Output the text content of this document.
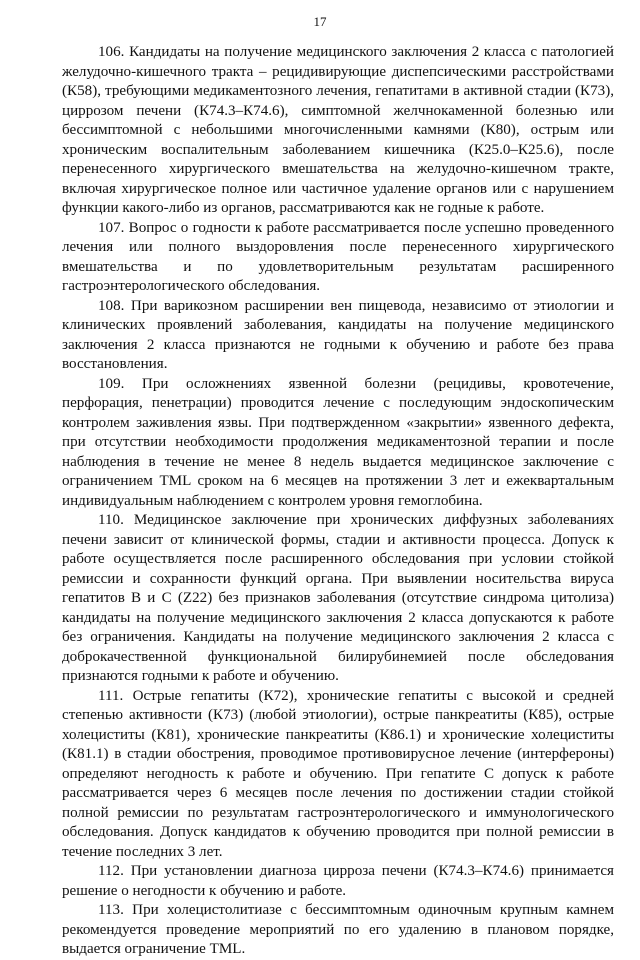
17

106. Кандидаты на получение медицинского заключения 2 класса с патологией желудочно-кишечного тракта – рецидивирующие диспепсическими расстройствами (К58), требующими медикаментозного лечения, гепатитами в активной стадии (К73), циррозом печени (К74.3–К74.6), симптомной желчнокаменной болезнью или бессимптомной с небольшими многочисленными камнями (К80), острым или хроническим воспалительным заболеванием кишечника (К25.0–К25.6), после перенесенного хирургического вмешательства на желудочно-кишечном тракте, включая хирургическое полное или частичное удаление органов или с нарушением функции какого-либо из органов, рассматриваются как не годные к работе.

107. Вопрос о годности к работе рассматривается после успешно проведенного лечения или полного выздоровления после перенесенного хирургического вмешательства и по удовлетворительным результатам расширенного гастроэнтерологического обследования.

108. При варикозном расширении вен пищевода, независимо от этиологии и клинических проявлений заболевания, кандидаты на получение медицинского заключения 2 класса признаются не годными к обучению и работе без права восстановления.

109. При осложнениях язвенной болезни (рецидивы, кровотечение, перфорация, пенетрации) проводится лечение с последующим эндоскопическим контролем заживления язвы. При подтвержденном «закрытии» язвенного дефекта, при отсутствии необходимости продолжения медикаментозной терапии и после наблюдения в течение не менее 8 недель выдается медицинское заключение с ограничением TML сроком на 6 месяцев на протяжении 3 лет и ежеквартальным индивидуальным наблюдением с контролем уровня гемоглобина.

110. Медицинское заключение при хронических диффузных заболеваниях печени зависит от клинической формы, стадии и активности процесса. Допуск к работе осуществляется после расширенного обследования при условии стойкой ремиссии и сохранности функций органа. При выявлении носительства вируса гепатитов В и С (Z22) без признаков заболевания (отсутствие синдрома цитолиза) кандидаты на получение медицинского заключения 2 класса допускаются к работе без ограничения. Кандидаты на получение медицинского заключения 2 класса с доброкачественной функциональной билирубинемией после обследования признаются годными к работе и обучению.

111. Острые гепатиты (К72), хронические гепатиты с высокой и средней степенью активности (К73) (любой этиологии), острые панкреатиты (К85), острые холециститы (К81), хронические панкреатиты (К86.1) и хронические холециститы (К81.1) в стадии обострения, проводимое противовирусное лечение (интерфероны) определяют негодность к работе и обучению. При гепатите С допуск к работе рассматривается через 6 месяцев после лечения по достижении стадии стойкой полной ремиссии по результатам гастроэнтерологического и иммунологического обследования. Допуск кандидатов к обучению проводится при полной ремиссии в течение последних 3 лет.

112. При установлении диагноза цирроза печени (К74.3–К74.6) принимается решение о негодности к обучению и работе.

113. При холецистолитиазе с бессимптомным одиночным крупным камнем рекомендуется проведение мероприятий по его удалению в плановом порядке, выдается ограничение TML.
